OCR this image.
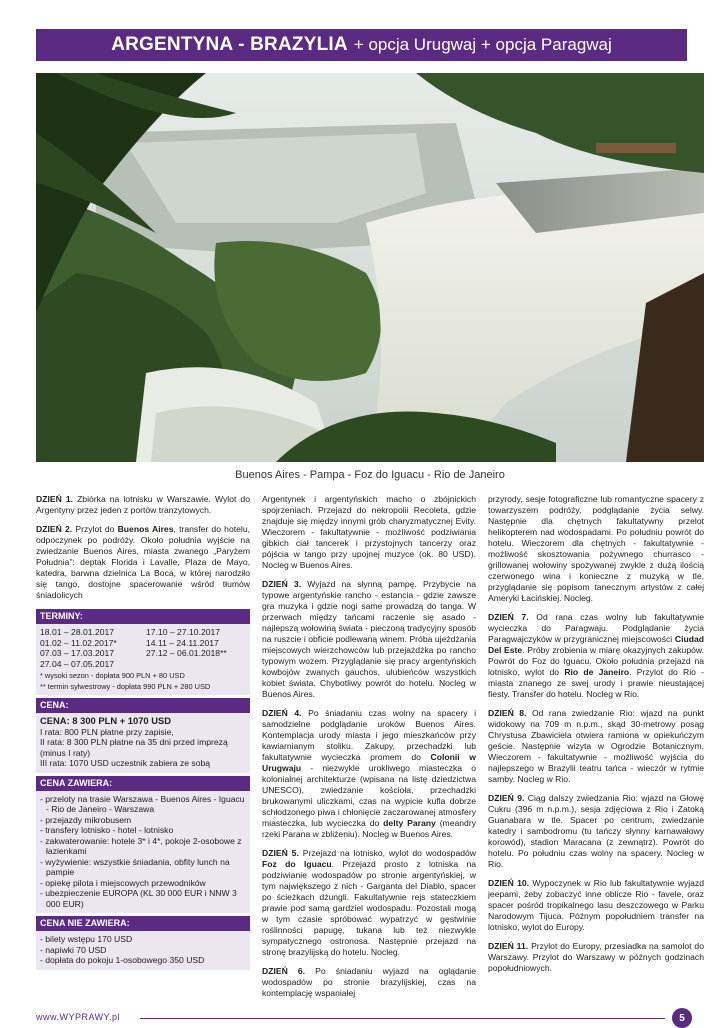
ARGENTYNA - BRAZYLIA + opcja Urugwaj + opcja Paragwaj
Buenos Aires - Pampa - Foz do Iguacu - Rio de Janeiro

DZIEŃ 1. Zbiórka na lotnisku w Warszawie. Wylot do Argentyny przez jeden z portów tranzytowych.

DZIEŃ 2. Przylot do Buenos Aires, transfer do hotelu, odpoczynek po podróży. Około południa wyjście na zwiedzanie Buenos Aires, miasta zwanego „Paryżem Południa": deptak Florida i Lavalle, Plaza de Mayo, katedra, barwna dzielnica La Boca, w której narodziło się tango, dostojne spacerowanie wśród tłumów śniadolicych

TERMINY:
18.01 – 28.01.2017	17.10 – 27.10.2017
01.02 – 11.02.2017*	14.11 – 24.11.2017
07.03 – 17.03.2017	27.12 – 06.01.2018**
27.04 – 07.05.2017
* wysoki sezon - dopłata 900 PLN + 80 USD
** termin sylwestrowy - dopłata 990 PLN + 280 USD
CENA:
CENA: 8 300 PLN + 1070 USD
I rata: 800 PLN płatne przy zapisie,
II rata: 8 300 PLN płatne na 35 dni przed imprezą (minus I raty)
III rata: 1070 USD uczestnik zabiera ze sobą
CENA ZAWIERA:
- przeloty na trasie Warszawa - Buenos Aires - Iguacu - Rio de Janeiro - Warszawa
- przejazdy mikrobusem
- transfery lotnisko - hotel - lotnisko
- zakwaterowanie: hotele 3* i 4*, pokoje 2-osobowe z łazienkami
- wyżywienie: wszystkie śniadania, obfity lunch na pampie
- opiekę pilota i miejscowych przewodników
- ubezpieczenie EUROPA (KL 30 000 EUR i NNW 3 000 EUR)
CENA NIE ZAWIERA:
- bilety wstępu 170 USD
- napiwki 70 USD
- dopłata do pokoju 1-osobowego 350 USD

Argentynek i argentyńskich macho o zbójnickich spojrzeniach. Przejazd do nekropolii Recoleta, gdzie znajduje się między innymi grób charyzmatycznej Evity. Wieczorem - fakultatywnie - możliwość podziwiania gibkich ciał tancerek i przystojnych tancerzy oraz pójścia w tango przy upojnej muzyce (ok. 80 USD). Nocleg w Buenos Aires.

DZIEŃ 3. Wyjazd na słynną pampę. Przybycie na typowe argentyńskie rancho - estancia - gdzie zawsze gra muzyka i gdzie nogi same prowadzą do tanga. W przerwach między tańcami raczenie się asado - najlepszą wołowiną świata - pieczoną tradycyjny sposób na ruszcie i obficie podlewaną winem. Próba ujeżdżania miejscowych wierzchowców lub przejażdżka po rancho typowym wozem. Przyglądanie się pracy argentyńskich kowbojów zwanych gauchos, ulubieńców wszystkich kobiet świata. Chybotliwy powrót do hotelu. Nocleg w Buenos Aires.

DZIEŃ 4. Po śniadaniu czas wolny na spacery i samodzielne podglądanie uroków Buenos Aires. Kontemplacja urody miasta i jego mieszkańców przy kawiarnianym stoliku. Zakupy, przechadzki lub fakultatywnie wycieczka promem do Colonii w Urugwaju - niezwykle urokliwego miasteczka o kolonialnej architekturze (wpisana na listę dziedzictwa UNESCO), zwiedzanie kościoła, przechadzki brukowanymi uliczkami, czas na wypicie kufla dobrze schłodzonego piwa i chłonięcie zaczarowanej atmosfery miasteczka, lub wycieczka do delty Parany (meandry rzeki Parana w zbliżeniu). Nocleg w Buenos Aires.

DZIEŃ 5. Przejazd na lotnisko, wylot do wodospadów Foz do Iguacu. Przejazd prosto z lotniska na podziwianie wodospadów po stronie argentyńskiej, w tym największego z nich - Garganta del Diablo, spacer po ścieżkach dżungli. Fakultatywnie rejs stateczkiem prawie pod samą gardziel wodospadu. Pozostali mogą w tym czasie spróbować wypatrzyć w gęstwinie roślinności papugę, tukana lub też niezwykle sympatycznego ostronosa. Następnie przejazd na stronę brazylijską do hotelu. Nocleg.

DZIEŃ 6. Po śniadaniu wyjazd na oglądanie wodospadów po stronie brazylijskiej, czas na kontemplację wspaniałej

przyrody, sesje fotograficzne lub romantyczne spacery z towarzyszem podróży, podglądanie życia selwy. Następnie dla chętnych fakultatywny przelot helikopterem nad wodospadami. Po południu powrót do hotelu. Wieczorem dla chętnych - fakultatywnie - możliwość skosztowania pożywnego churrasco - grillowanej wołowiny spożywanej zwykle z dużą ilością czerwonego wina i konieczne z muzyką w tle, przyglądanie się popisom tanecznym artystów z całej Ameryki Łacińskiej. Nocleg.

DZIEŃ 7. Od rana czas wolny lub fakultatywnie wycieczka do Paragwaju. Podglądanie życia Paragwajczyków w przygranicznej miejscowości Ciudad Del Este. Próby zrobienia w miarę okazyjnych zakupów. Powrót do Foz do Iguacu. Około południa przejazd na lotnisko, wylot do Rio de Janeiro. Przylot do Rio - miasta znanego ze swej urody i prawie nieustającej fiesty. Transfer do hotelu. Nocleg w Rio.

DZIEŃ 8. Od rana zwiedzanie Rio: wjazd na punkt widokowy na 709 m n.p.m., skąd 30-metrowy posąg Chrystusa Zbawiciela otwiera ramiona w opiekuńczym geście. Następnie wizyta w Ogrodzie Botanicznym. Wieczorem - fakultatywnie - możliwość wyjścia do najlepszego w Brazylii teatru tańca - wieczór w rytmie samby. Nocleg w Rio.

DZIEŃ 9. Ciąg dalszy zwiedzania Rio: wjazd na Głowę Cukru (396 m n.p.m.), sesja zdjęciowa z Rio i Zatoką Guanabara w tle. Spacer po centrum, zwiedzanie katedry i sambodromu (tu tańczy słynny karnawałowy korowód), stadion Maracana (z zewnątrz). Powrót do hotelu. Po południu czas wolny na spacery. Nocleg w Rio.

DZIEŃ 10. Wypoczynek w Rio lub fakultatywnie wyjazd jeepami, żeby zobaczyć inne oblicze Rio - favele, oraz spacer pośród tropikalnego lasu deszczowego w Parku Narodowym Tijuca. Późnym popołudniem transfer na lotnisko, wylot do Europy.

DZIEŃ 11. Przylot do Europy, przesiadka na samolot do Warszawy. Przylot do Warszawy w późnych godzinach popołudniowych.

www.WYPRAWY.pl	5
